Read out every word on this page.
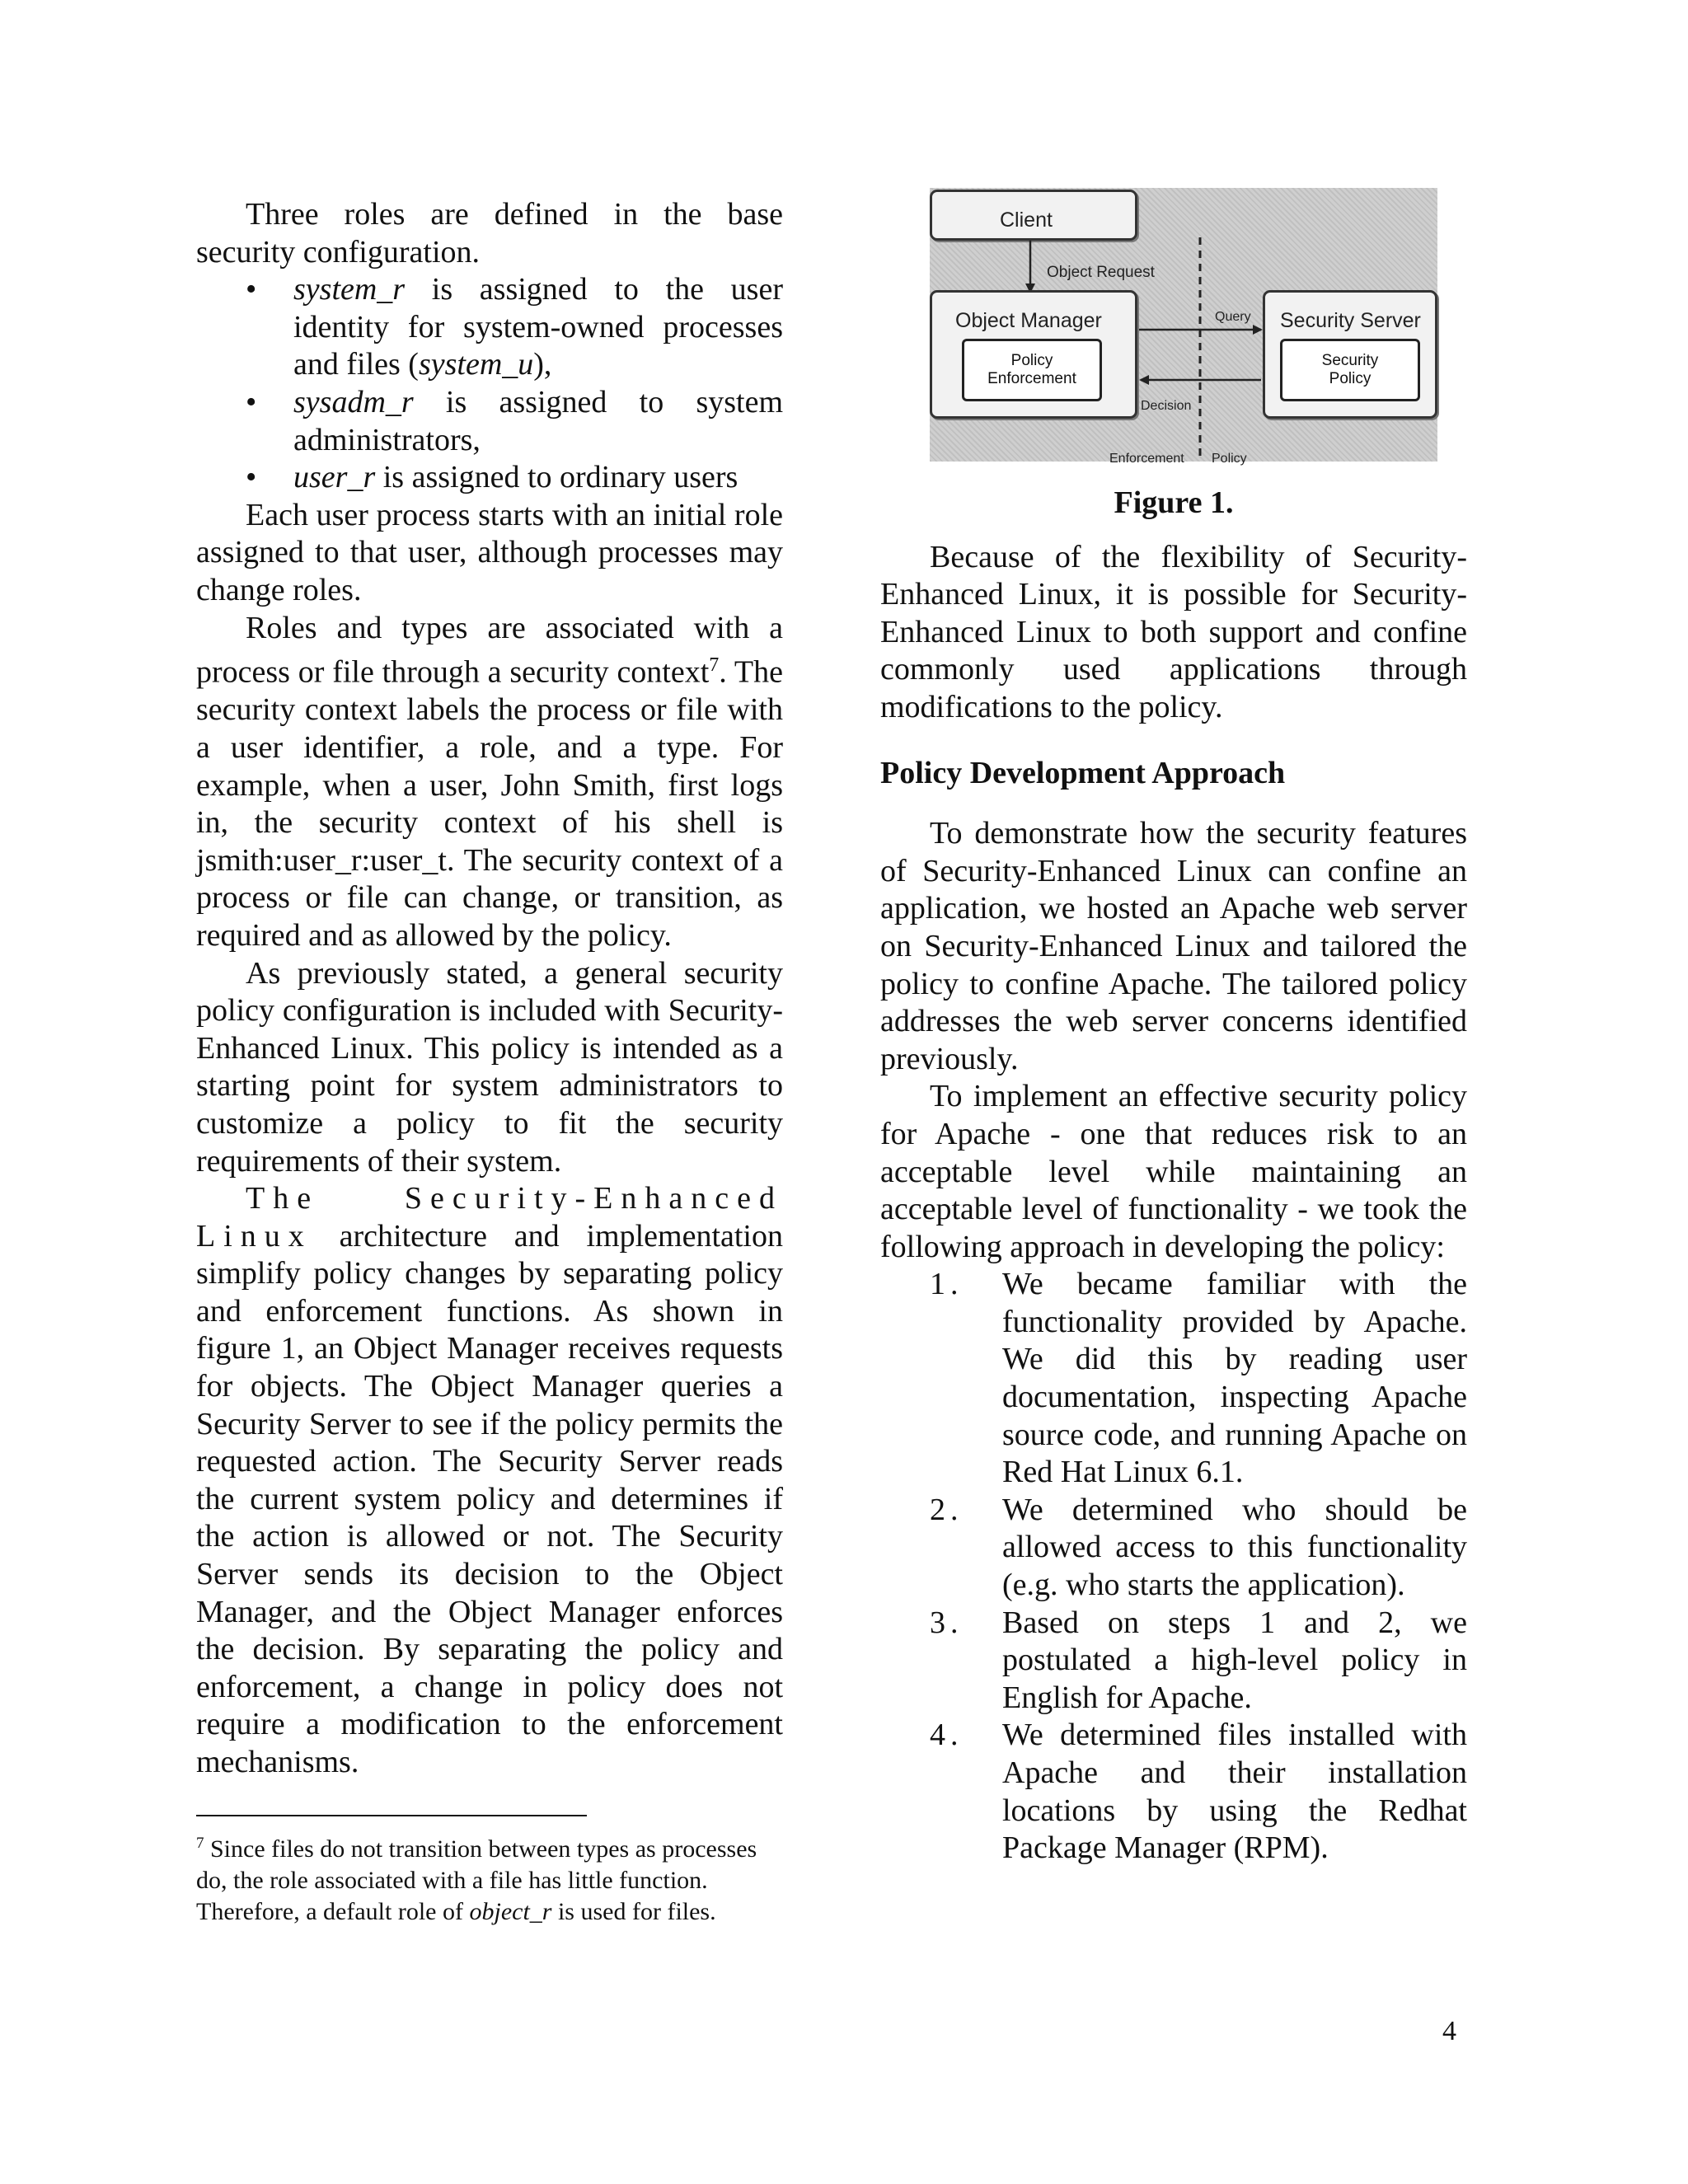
Three roles are defined in the base security configuration.

• system_r is assigned to the user identity for system-owned processes and files (system_u),
• sysadm_r is assigned to system administrators,
• user_r is assigned to ordinary users

Each user process starts with an initial role assigned to that user, although processes may change roles.

Roles and types are associated with a process or file through a security context$^7$. The security context labels the process or file with a user identifier, a role, and a type. For example, when a user, John Smith, first logs in, the security context of his shell is jsmith:user_r:user_t. The security context of a process or file can change, or transition, as required and as allowed by the policy.

As previously stated, a general security policy configuration is included with Security-Enhanced Linux. This policy is intended as a starting point for system administrators to customize a policy to fit the security requirements of their system.

The Security-Enhanced Linux architecture and implementation simplify policy changes by separating policy and enforcement functions. As shown in figure 1, an Object Manager receives requests for objects. The Object Manager queries a Security Server to see if the policy permits the requested action. The Security Server reads the current system policy and determines if the action is allowed or not. The Security Server sends its decision to the Object Manager, and the Object Manager enforces the decision. By separating the policy and enforcement, a change in policy does not require a modification to the enforcement mechanisms.

$^7$ Since files do not transition between types as processes do, the role associated with a file has little function. Therefore, a default role of object_r is used for files.

Client
Object Request
Object Manager
Policy
Enforcement
Query
Decision
Security Server
Security
Policy
Enforcement Policy

Figure 1.

Because of the flexibility of Security-Enhanced Linux, it is possible for Security-Enhanced Linux to both support and confine commonly used applications through modifications to the policy.

Policy Development Approach

To demonstrate how the security features of Security-Enhanced Linux can confine an application, we hosted an Apache web server on Security-Enhanced Linux and tailored the policy to confine Apache. The tailored policy addresses the web server concerns identified previously.

To implement an effective security policy for Apache - one that reduces risk to an acceptable level while maintaining an acceptable level of functionality - we took the following approach in developing the policy:

1. We became familiar with the functionality provided by Apache. We did this by reading user documentation, inspecting Apache source code, and running Apache on Red Hat Linux 6.1.
2. We determined who should be allowed access to this functionality (e.g. who starts the application).
3. Based on steps 1 and 2, we postulated a high-level policy in English for Apache.
4. We determined files installed with Apache and their installation locations by using the Redhat Package Manager (RPM).
4
